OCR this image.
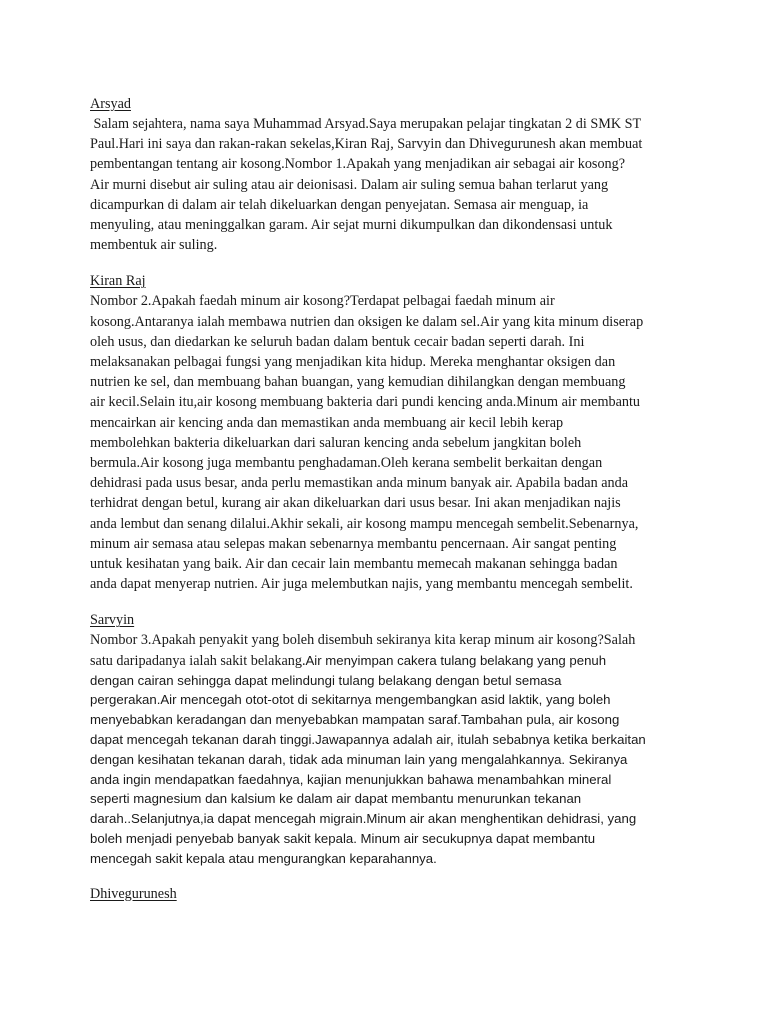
Arsyad
Salam sejahtera, nama saya Muhammad Arsyad.Saya merupakan pelajar tingkatan 2 di SMK ST
Paul.Hari ini saya dan rakan-rakan sekelas,Kiran Raj, Sarvyin dan Dhivegurunesh akan membuat
pembentangan tentang air kosong.Nombor 1.Apakah yang menjadikan air sebagai air kosong?
Air murni disebut air suling atau air deionisasi. Dalam air suling semua bahan terlarut yang
dicampurkan di dalam air telah dikeluarkan dengan penyejatan. Semasa air menguap, ia
menyuling, atau meninggalkan garam. Air sejat murni dikumpulkan dan dikondensasi untuk
membentuk air suling.
Kiran Raj
Nombor 2.Apakah faedah minum air kosong?Terdapat pelbagai faedah minum air
kosong.Antaranya ialah membawa nutrien dan oksigen ke dalam sel.Air yang kita minum diserap
oleh usus, dan diedarkan ke seluruh badan dalam bentuk cecair badan seperti darah. Ini
melaksanakan pelbagai fungsi yang menjadikan kita hidup. Mereka menghantar oksigen dan
nutrien ke sel, dan membuang bahan buangan, yang kemudian dihilangkan dengan membuang
air kecil.Selain itu,air kosong membuang bakteria dari pundi kencing anda.Minum air membantu
mencairkan air kencing anda dan memastikan anda membuang air kecil lebih kerap
membolehkan bakteria dikeluarkan dari saluran kencing anda sebelum jangkitan boleh
bermula.Air kosong juga membantu penghadaman.Oleh kerana sembelit berkaitan dengan
dehidrasi pada usus besar, anda perlu memastikan anda minum banyak air. Apabila badan anda
terhidrat dengan betul, kurang air akan dikeluarkan dari usus besar. Ini akan menjadikan najis
anda lembut dan senang dilalui.Akhir sekali, air kosong mampu mencegah sembelit.Sebenarnya,
minum air semasa atau selepas makan sebenarnya membantu pencernaan. Air sangat penting
untuk kesihatan yang baik. Air dan cecair lain membantu memecah makanan sehingga badan
anda dapat menyerap nutrien. Air juga melembutkan najis, yang membantu mencegah sembelit.
Sarvyin
Nombor 3.Apakah penyakit yang boleh disembuh sekiranya kita kerap minum air kosong?Salah
satu daripadanya ialah sakit belakang.Air menyimpan cakera tulang belakang yang penuh
dengan cairan sehingga dapat melindungi tulang belakang dengan betul semasa
pergerakan.Air mencegah otot-otot di sekitarnya mengembangkan asid laktik, yang boleh
menyebabkan keradangan dan menyebabkan mampatan saraf.Tambahan pula, air kosong
dapat mencegah tekanan darah tinggi.Jawapannya adalah air, itulah sebabnya ketika berkaitan
dengan kesihatan tekanan darah, tidak ada minuman lain yang mengalahkannya. Sekiranya
anda ingin mendapatkan faedahnya, kajian menunjukkan bahawa menambahkan mineral
seperti magnesium dan kalsium ke dalam air dapat membantu menurunkan tekanan
darah..Selanjutnya,ia dapat mencegah migrain.Minum air akan menghentikan dehidrasi, yang
boleh menjadi penyebab banyak sakit kepala. Minum air secukupnya dapat membantu
mencegah sakit kepala atau mengurangkan keparahannya.
Dhivegurunesh
